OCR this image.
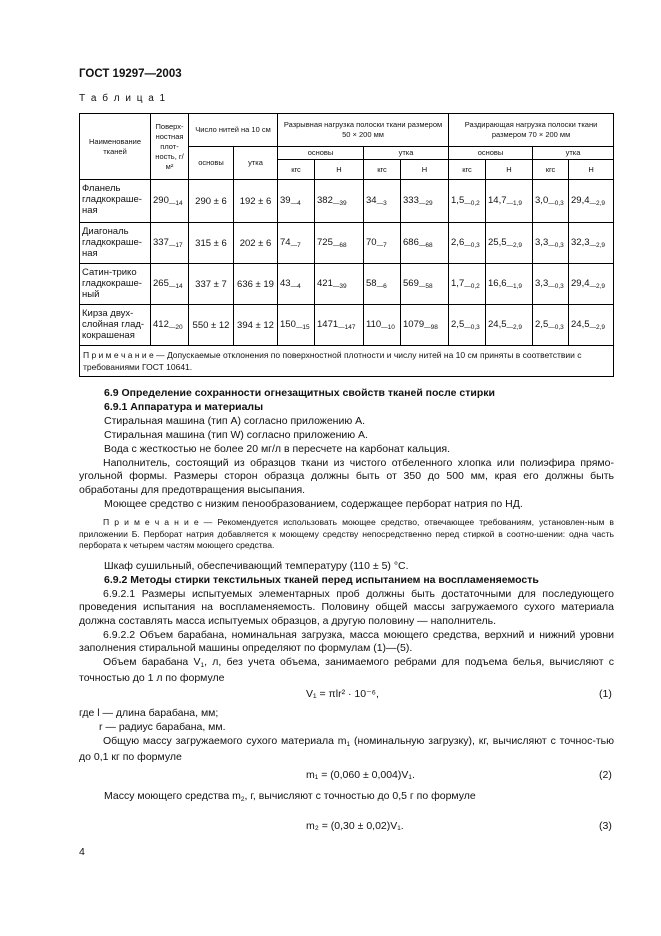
ГОСТ 19297—2003
Т а б л и ц а 1
Наименование тканей	Поверх-ностная плот-ность, г/м²	Число нитей на 10 см		Разрывная нагрузка полоски ткани размером 50 × 200 мм				Раздирающая нагрузка полоски ткани размером 70 × 200 мм			
		основы	утка	основы		утка		основы		утка	
				кгс	Н	кгс	Н	кгс	Н	кгс	Н
Фланель гладкокраше-ная	$290_{—14}$	290 ± 6	192 ± 6	$39_{—4}$	$382_{—39}$	$34_{—3}$	$333_{—29}$	$1,5_{—0,2}$	$14,7_{—1,9}$	$3,0_{—0,3}$	$29,4_{—2,9}$
Диагональ гладкокраше-ная	$337_{—17}$	315 ± 6	202 ± 6	$74_{—7}$	$725_{—68}$	$70_{—7}$	$686_{—68}$	$2,6_{—0,3}$	$25,5_{—2,9}$	$3,3_{—0,3}$	$32,3_{—2,9}$
Сатин-трико гладкокраше-ный	$265_{—14}$	337 ± 7	636 ± 19	$43_{—4}$	$421_{—39}$	$58_{—6}$	$569_{—58}$	$1,7_{—0,2}$	$16,6_{—1,9}$	$3,3_{—0,3}$	$29,4_{—2,9}$
Кирза двух-слойная глад-кокрашеная	$412_{—20}$	550 ± 12	394 ± 12	$150_{—15}$	$1471_{—147}$	$110_{—10}$	$1079_{—98}$	$2,5_{—0,3}$	$24,5_{—2,9}$	$2,5_{—0,3}$	$24,5_{—2,9}$
П р и м е ч а н и е — Допускаемые отклонения по поверхностной плотности и числу нитей на 10 см приняты в соответствии с требованиями ГОСТ 10641.											
6.9 Определение сохранности огнезащитных свойств тканей после стирки
6.9.1 Аппаратура и материалы
Стиральная машина (тип А) согласно приложению А.
Стиральная машина (тип W) согласно приложению А.
Вода с жесткостью не более 20 мг/л в пересчете на карбонат кальция.
Наполнитель, состоящий из образцов ткани из чистого отбеленного хлопка или полиэфира прямо-угольной формы. Размеры сторон образца должны быть от 350 до 500 мм, края его должны быть обработаны для предотвращения высыпания.
Моющее средство с низким пенообразованием, содержащее перборат натрия по НД.
П р и м е ч а н и е — Рекомендуется использовать моющее средство, отвечающее требованиям, установлен-ным в приложении Б. Перборат натрия добавляется к моющему средству непосредственно перед стиркой в соотно-шении: одна часть пербората к четырем частям моющего средства.
Шкаф сушильный, обеспечивающий температуру (110 ± 5) °С.
6.9.2 Методы стирки текстильных тканей перед испытанием на воспламеняемость
6.9.2.1 Размеры испытуемых элементарных проб должны быть достаточными для последующего проведения испытания на воспламеняемость. Половину общей массы загружаемого сухого материала должна составлять масса испытуемых образцов, а другую половину — наполнитель.
6.9.2.2 Объем барабана, номинальная загрузка, масса моющего средства, верхний и нижний уровни заполнения стиральной машины определяют по формулам (1)—(5).
Объем барабана $V_1$, л, без учета объема, занимаемого ребрами для подъема белья, вычисляют с точностью до 1 л по формуле
V₁ = πlr² · 10⁻⁶,	(1)
где l — длина барабана, мм;
r — радиус барабана, мм.
Общую массу загружаемого сухого материала $m_1$ (номинальную загрузку), кг, вычисляют с точнос-тью до 0,1 кг по формуле
m₁ = (0,060 ± 0,004)V₁.	(2)
Массу моющего средства $m_2$, г, вычисляют с точностью до 0,5 г по формуле
m₂ = (0,30 ± 0,02)V₁.	(3)
4
